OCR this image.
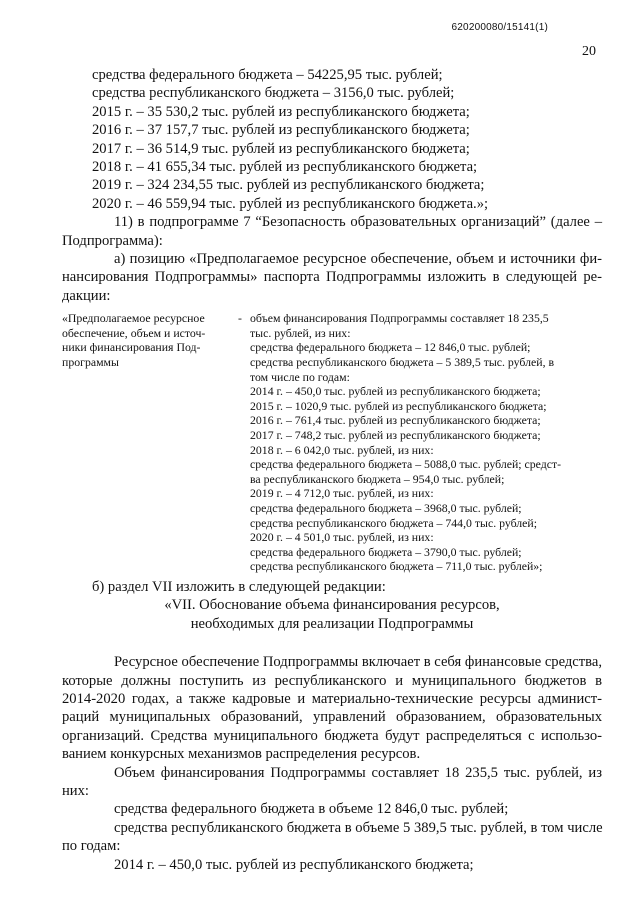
620200080/15141(1)
20
средства федерального бюджета – 54225,95 тыс. рублей;
средства республиканского бюджета – 3156,0 тыс. рублей;
2015 г. – 35 530,2 тыс. рублей из республиканского бюджета;
2016 г. – 37 157,7 тыс. рублей из республиканского бюджета;
2017 г. – 36 514,9 тыс. рублей из республиканского бюджета;
2018 г. – 41 655,34 тыс. рублей из республиканского бюджета;
2019 г. – 324 234,55 тыс. рублей из республиканского бюджета;
2020 г. – 46 559,94 тыс. рублей из республиканского бюджета.»;
11) в подпрограмме 7 “Безопасность образовательных организаций” (далее –
Подпрограмма):
а) позицию «Предполагаемое ресурсное обеспечение, объем и источники фи-
нансирования Подпрограммы» паспорта Подпрограммы изложить в следующей ре-
дакции:
«Предполагаемое ресурсное
обеспечение, объем и источ-
ники финансирования Под-
программы
- объем финансирования Подпрограммы составляет 18 235,5
тыс. рублей, из них:
средства федерального бюджета – 12 846,0 тыс. рублей;
средства республиканского бюджета – 5 389,5 тыс. рублей, в
том числе по годам:
2014 г. – 450,0 тыс. рублей из республиканского бюджета;
2015 г. – 1020,9 тыс. рублей из республиканского бюджета;
2016 г. – 761,4 тыс. рублей из республиканского бюджета;
2017 г. – 748,2 тыс. рублей из республиканского бюджета;
2018 г. – 6 042,0 тыс. рублей, из них:
средства федерального бюджета – 5088,0 тыс. рублей; средст-
ва республиканского бюджета – 954,0 тыс. рублей;
2019 г. – 4 712,0 тыс. рублей, из них:
средства федерального бюджета – 3968,0 тыс. рублей;
средства республиканского бюджета – 744,0 тыс. рублей;
2020 г. – 4 501,0 тыс. рублей, из них:
средства федерального бюджета – 3790,0 тыс. рублей;
средства республиканского бюджета – 711,0 тыс. рублей»;
б) раздел VII изложить в следующей редакции:
«VII. Обоснование объема финансирования ресурсов,
необходимых для реализации Подпрограммы
Ресурсное обеспечение Подпрограммы включает в себя финансовые средства,
которые должны поступить из республиканского и муниципального бюджетов в
2014-2020 годах, а также кадровые и материально-технические ресурсы админист-
раций муниципальных образований, управлений образованием, образовательных
организаций. Средства муниципального бюджета будут распределяться с использо-
ванием конкурсных механизмов распределения ресурсов.
Объем финансирования Подпрограммы составляет 18 235,5 тыс. рублей, из
них:
средства федерального бюджета в объеме 12 846,0 тыс. рублей;
средства республиканского бюджета в объеме 5 389,5 тыс. рублей, в том числе
по годам:
2014 г. – 450,0 тыс. рублей из республиканского бюджета;
